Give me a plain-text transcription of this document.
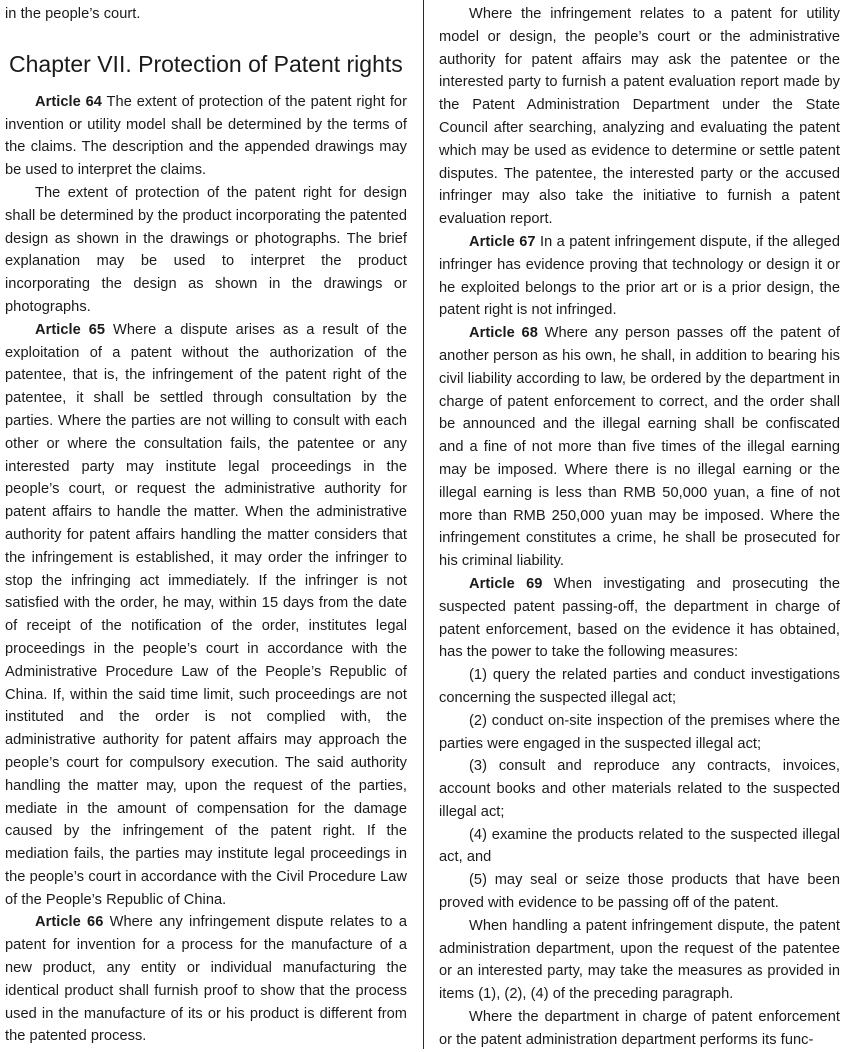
in the people’s court.

Chapter VII. Protection of Patent rights

Article 64 The extent of protection of the patent right for invention or utility model shall be determined by the terms of the claims. The description and the appended drawings may be used to interpret the claims.

The extent of protection of the patent right for design shall be determined by the product incorporating the patented design as shown in the drawings or photographs. The brief explanation may be used to interpret the product incorporating the design as shown in the drawings or photographs.

Article 65 Where a dispute arises as a result of the exploitation of a patent without the authorization of the patentee, that is, the infringement of the patent right of the patentee, it shall be settled through consultation by the parties. Where the parties are not willing to consult with each other or where the consultation fails, the patentee or any interested party may institute legal proceedings in the people’s court, or request the administrative authority for patent affairs to handle the matter. When the administrative authority for patent affairs handling the matter considers that the infringement is established, it may order the infringer to stop the infringing act immediately. If the infringer is not satisfied with the order, he may, within 15 days from the date of receipt of the notification of the order, institutes legal proceedings in the people’s court in accordance with the Administrative Procedure Law of the People’s Republic of China. If, within the said time limit, such proceedings are not instituted and the order is not complied with, the administrative authority for patent affairs may approach the people’s court for compulsory execution. The said authority handling the matter may, upon the request of the parties, mediate in the amount of compensation for the damage caused by the infringement of the patent right. If the mediation fails, the parties may institute legal proceedings in the people’s court in accordance with the Civil Procedure Law of the People’s Republic of China.

Article 66 Where any infringement dispute relates to a patent for invention for a process for the manufacture of a new product, any entity or individual manufacturing the identical product shall furnish proof to show that the process used in the manufacture of its or his product is different from the patented process.

Where the infringement relates to a patent for utility model or design, the people’s court or the administrative authority for patent affairs may ask the patentee or the interested party to furnish a patent evaluation report made by the Patent Administration Department under the State Council after searching, analyzing and evaluating the patent which may be used as evidence to determine or settle patent disputes. The patentee, the interested party or the accused infringer may also take the initiative to furnish a patent evaluation report.

Article 67 In a patent infringement dispute, if the alleged infringer has evidence proving that technology or design it or he exploited belongs to the prior art or is a prior design, the patent right is not infringed.

Article 68 Where any person passes off the patent of another person as his own, he shall, in addition to bearing his civil liability according to law, be ordered by the department in charge of patent enforcement to correct, and the order shall be announced and the illegal earning shall be confiscated and a fine of not more than five times of the illegal earning may be imposed. Where there is no illegal earning or the illegal earning is less than RMB 50,000 yuan, a fine of not more than RMB 250,000 yuan may be imposed. Where the infringement constitutes a crime, he shall be prosecuted for his criminal liability.

Article 69 When investigating and prosecuting the suspected patent passing-off, the department in charge of patent enforcement, based on the evidence it has obtained, has the power to take the following measures:

(1) query the related parties and conduct investigations concerning the suspected illegal act;

(2) conduct on-site inspection of the premises where the parties were engaged in the suspected illegal act;

(3) consult and reproduce any contracts, invoices, account books and other materials related to the suspected illegal act;

(4) examine the products related to the suspected illegal act, and

(5) may seal or seize those products that have been proved with evidence to be passing off of the patent.

When handling a patent infringement dispute, the patent administration department, upon the request of the patentee or an interested party, may take the measures as provided in items (1), (2), (4) of the preceding paragraph.

Where the department in charge of patent enforcement or the patent administration department performs its func-
